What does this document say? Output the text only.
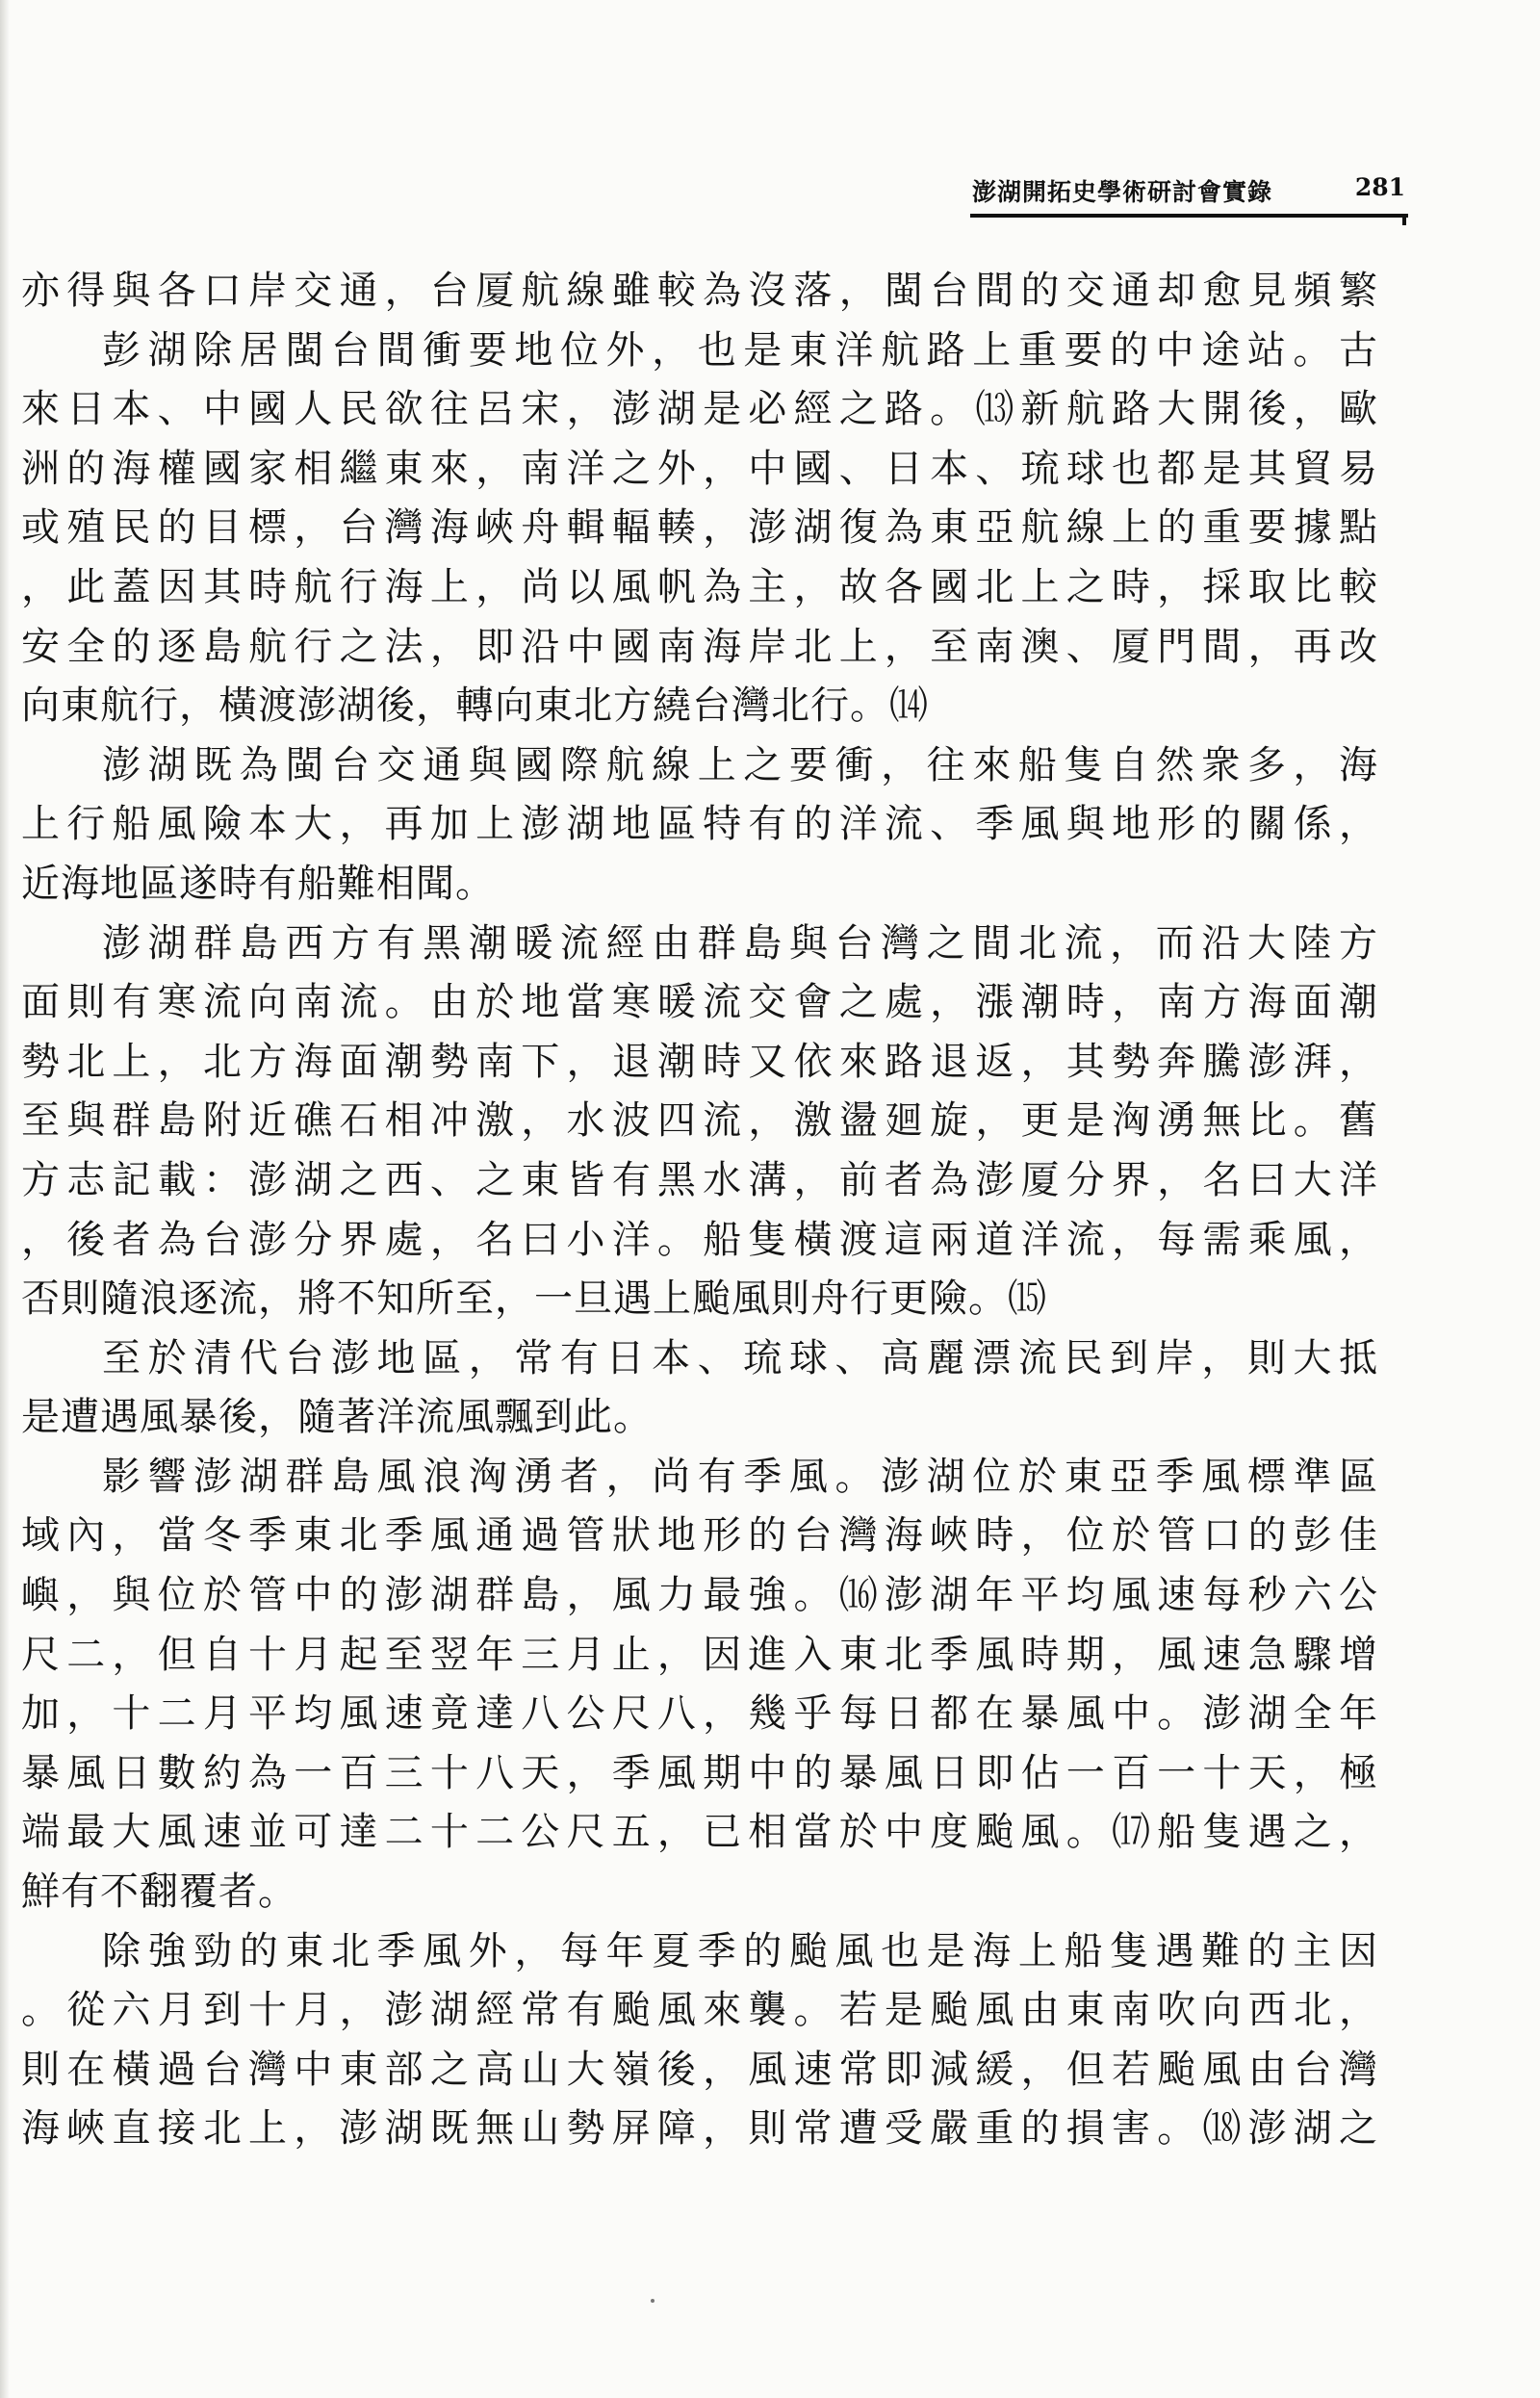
澎湖開拓史學術研討會實錄	281
亦得與各口岸交通，台厦航線雖較為沒落，閩台間的交通却愈見頻繁
彭湖除居閩台間衝要地位外，也是東洋航路上重要的中途站。古
來日本、中國人民欲往呂宋，澎湖是必經之路。⒀新航路大開後，歐
洲的海權國家相繼東來，南洋之外，中國、日本、琉球也都是其貿易
或殖民的目標，台灣海峽舟輯輻輳，澎湖復為東亞航線上的重要據點
，此蓋因其時航行海上，尚以風帆為主，故各國北上之時，採取比較
安全的逐島航行之法，即沿中國南海岸北上，至南澳、厦門間，再改
向東航行，橫渡澎湖後，轉向東北方繞台灣北行。⒁
澎湖既為閩台交通與國際航線上之要衝，往來船隻自然衆多，海
上行船風險本大，再加上澎湖地區特有的洋流、季風與地形的關係，
近海地區遂時有船難相聞。
澎湖群島西方有黑潮暖流經由群島與台灣之間北流，而沿大陸方
面則有寒流向南流。由於地當寒暖流交會之處，漲潮時，南方海面潮
勢北上，北方海面潮勢南下，退潮時又依來路退返，其勢奔騰澎湃，
至與群島附近礁石相冲激，水波四流，激盪廻旋，更是洶湧無比。舊
方志記載：澎湖之西、之東皆有黑水溝，前者為澎厦分界，名曰大洋
，後者為台澎分界處，名曰小洋。船隻橫渡這兩道洋流，每需乘風，
否則隨浪逐流，將不知所至，一旦遇上颱風則舟行更險。⒂
至於清代台澎地區，常有日本、琉球、高麗漂流民到岸，則大抵
是遭遇風暴後，隨著洋流風飄到此。
影響澎湖群島風浪洶湧者，尚有季風。澎湖位於東亞季風標準區
域內，當冬季東北季風通過管狀地形的台灣海峽時，位於管口的彭佳
嶼，與位於管中的澎湖群島，風力最強。⒃澎湖年平均風速每秒六公
尺二，但自十月起至翌年三月止，因進入東北季風時期，風速急驟增
加，十二月平均風速竟達八公尺八，幾乎每日都在暴風中。澎湖全年
暴風日數約為一百三十八天，季風期中的暴風日即佔一百一十天，極
端最大風速並可達二十二公尺五，已相當於中度颱風。⒄船隻遇之，
鮮有不翻覆者。
除強勁的東北季風外，每年夏季的颱風也是海上船隻遇難的主因
。從六月到十月，澎湖經常有颱風來襲。若是颱風由東南吹向西北，
則在橫過台灣中東部之高山大嶺後，風速常即減緩，但若颱風由台灣
海峽直接北上，澎湖既無山勢屏障，則常遭受嚴重的損害。⒅澎湖之
